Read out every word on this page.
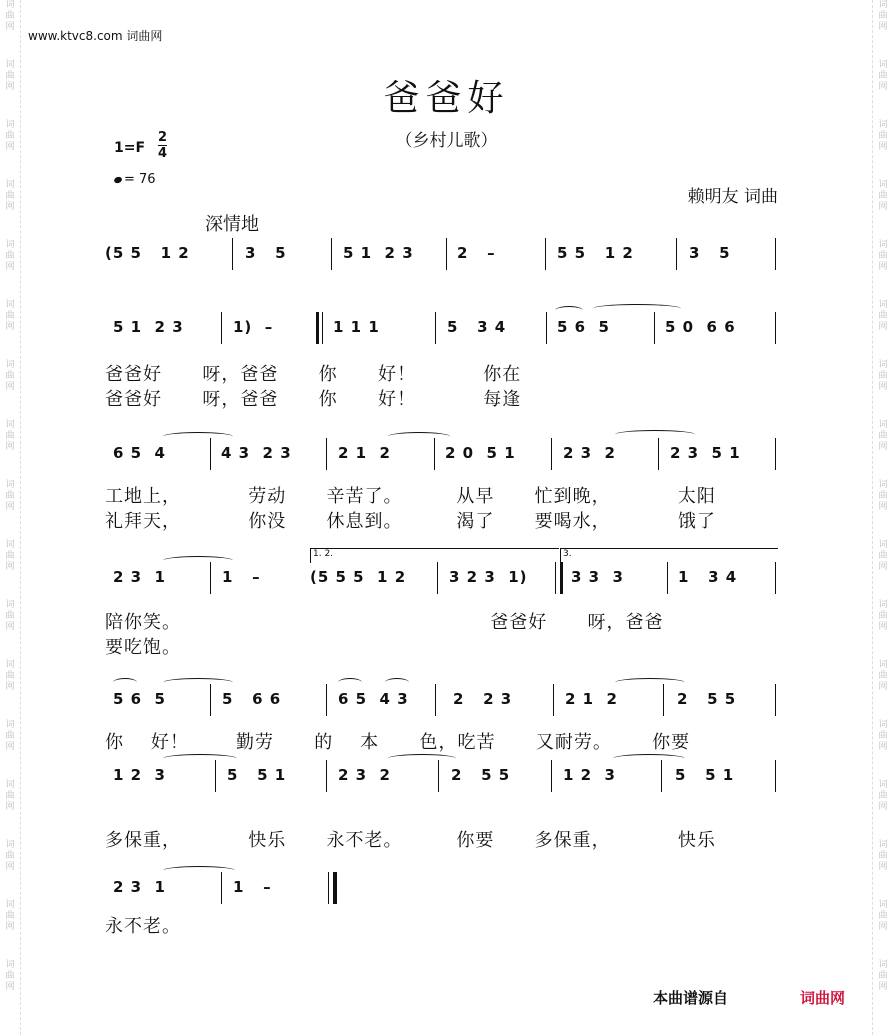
词
曲
网
词
曲
网
词
曲
网
词
曲
网
词
曲
网
词
曲
网
词
曲
网
词
曲
网
词
曲
网
词
曲
网
词
曲
网
词
曲
网
词
曲
网
词
曲
网
词
曲
网
词
曲
网
词
曲
网
词
曲
网
词
曲
网
词
曲
网
词
曲
网
词
曲
网
词
曲
网
词
曲
网
词
曲
网
词
曲
网
词
曲
网
词
曲
网
词
曲
网
词
曲
网
词
曲
网
词
曲
网
词
曲
网
词
曲
网
www.ktvc8.com 词曲网
爸爸好
（乡村儿歌）
1=F
2
4
= 76
赖明友 词曲
深情地
(5 5   1 2	3   5	5 1  2 3	2   –	5 5   1 2	3   5
5 1  2 3	1)  –	1 1 1	5   3 4	5 6  5	5 0  6 6
爸爸好      呀，爸爸      你      好！          你在
爸爸好      呀，爸爸      你      好！          每逢
6 5  4	4 3  2 3	2 1  2	2 0  5 1	2 3  2	2 3  5 1
工地上，          劳动      辛苦了。        从早      忙到晚，          太阳
礼拜天，          你没      休息到。        渴了      要喝水，          饿了
1. 2.	3.
2 3  1	1   –	(5 5 5  1 2	3 2 3  1)	3 3  3	1   3 4
陪你笑。                                              爸爸好      呀，爸爸
要吃饱。
5 6  5	5   6 6	6 5  4 3	2   2 3	2 1  2	2   5 5
你    好！       勤劳      的    本      色，吃苦      又耐劳。      你要
1 2  3	5   5 1	2 3  2	2   5 5	1 2  3	5   5 1
多保重，          快乐      永不老。        你要      多保重，          快乐
2 3  1	1   –
永不老。
本曲谱源自	词曲网
